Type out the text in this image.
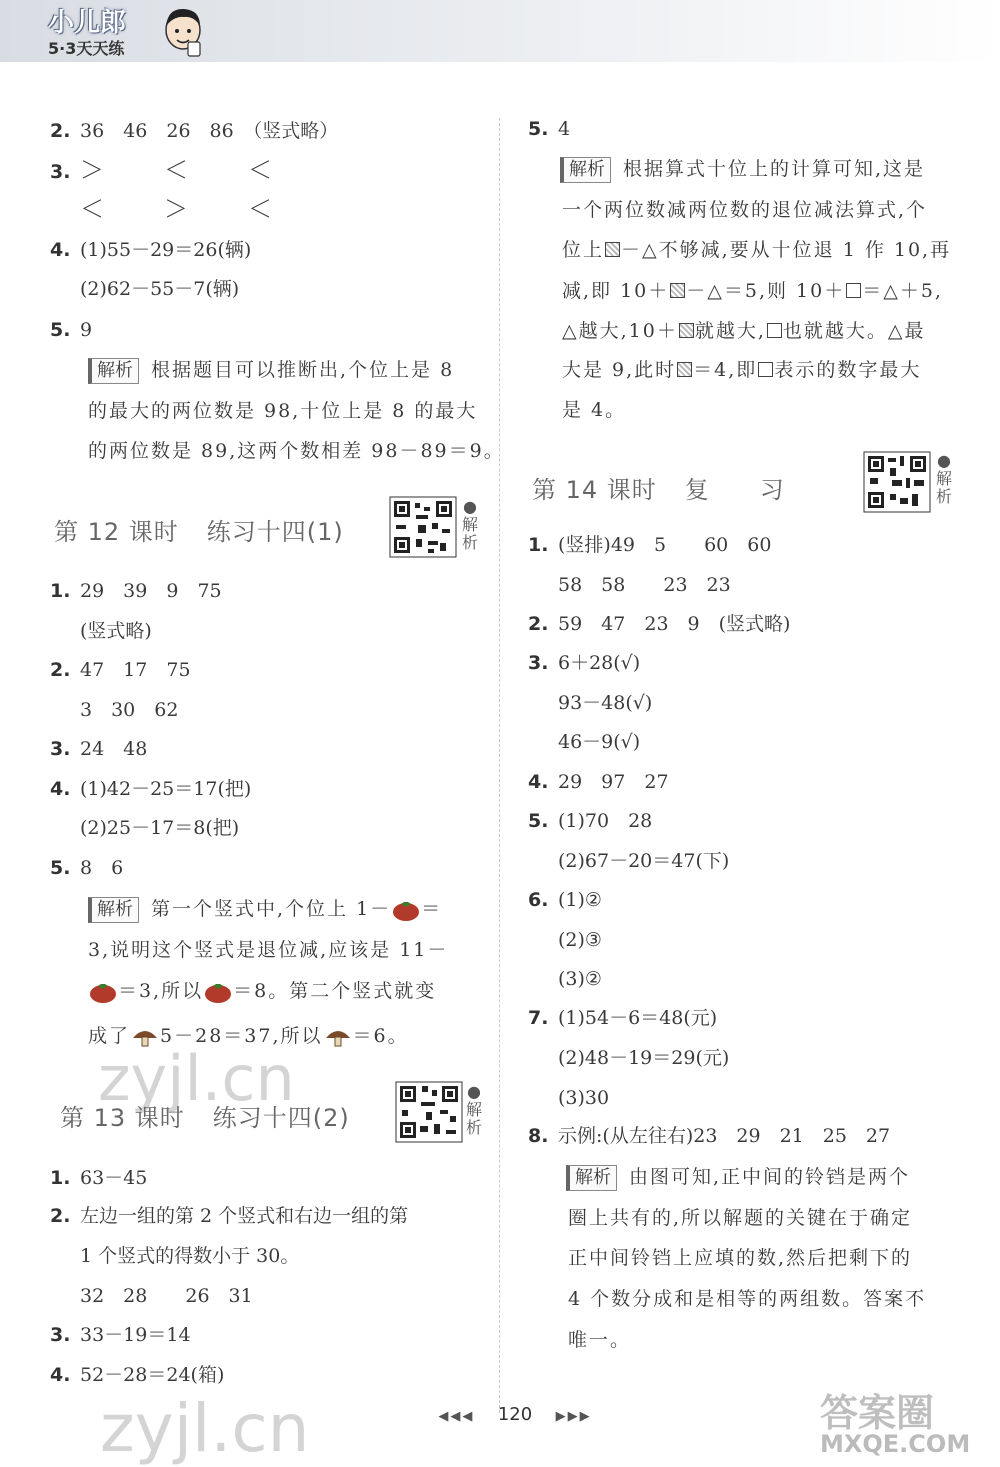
小儿郎
5·3天天练
2. 36　46　26　86　（竖式略）
3. ＞　＜　＜
＜　＞　＜
4. (1)55－29＝26(辆)
(2)62－55－7(辆)
5. 9
解析 根据题目可以推断出,个位上是 8
的最大的两位数是 98,十位上是 8 的最大
的两位数是 89,这两个数相差 98－89＝9。
第 12 课时 练习十四(1)
●
解析
1. 29　39　9　75
(竖式略)
2. 47　17　75
3　30　62
3. 24　48
4. (1)42－25＝17(把)
(2)25－17＝8(把)
5. 8　6
解析 第一个竖式中,个位上 1－ ＝
3,说明这个竖式是退位减,应该是 11－
＝3,所以 ＝8。第二个竖式就变
成了 5－28＝37,所以 ＝6。
第 13 课时 练习十四(2)
●
解析
1. 63－45
2. 左边一组的第 2 个竖式和右边一组的第
1 个竖式的得数小于 30。
32　28　　26　31
3. 33－19＝14
4. 52－28＝24(箱)
5. 4
解析 根据算式十位上的计算可知,这是
一个两位数减两位数的退位减法算式,个
位上 －△不够减,要从十位退 1 作 10,再
减,即 10＋ －△＝5,则 10＋ ＝△＋5,
△越大,10＋ 就越大, 也就越大。△最
大是 9,此时 ＝4,即 表示的数字最大
是 4。
第 14 课时 复　　习
●
解析
1. (竖排)49　5　　60　60
58　58　　23　23
2. 59　47　23　9　(竖式略)
3. 6＋28(√)
93－48(√)
46－9(√)
4. 29　97　27
5. (1)70　28
(2)67－20＝47(下)
6. (1)②
(2)③
(3)②
7. (1)54－6＝48(元)
(2)48－19＝29(元)
(3)30
8. 示例:(从左往右)23　29　21　25　27
解析 由图可知,正中间的铃铛是两个
圈上共有的,所以解题的关键在于确定
正中间铃铛上应填的数,然后把剩下的
4 个数分成和是相等的两组数。答案不
唯一。
◀◀◀ 120 ▶▶▶
zyjl.cn
zyjl.cn	答案圈
MXQE.COM
